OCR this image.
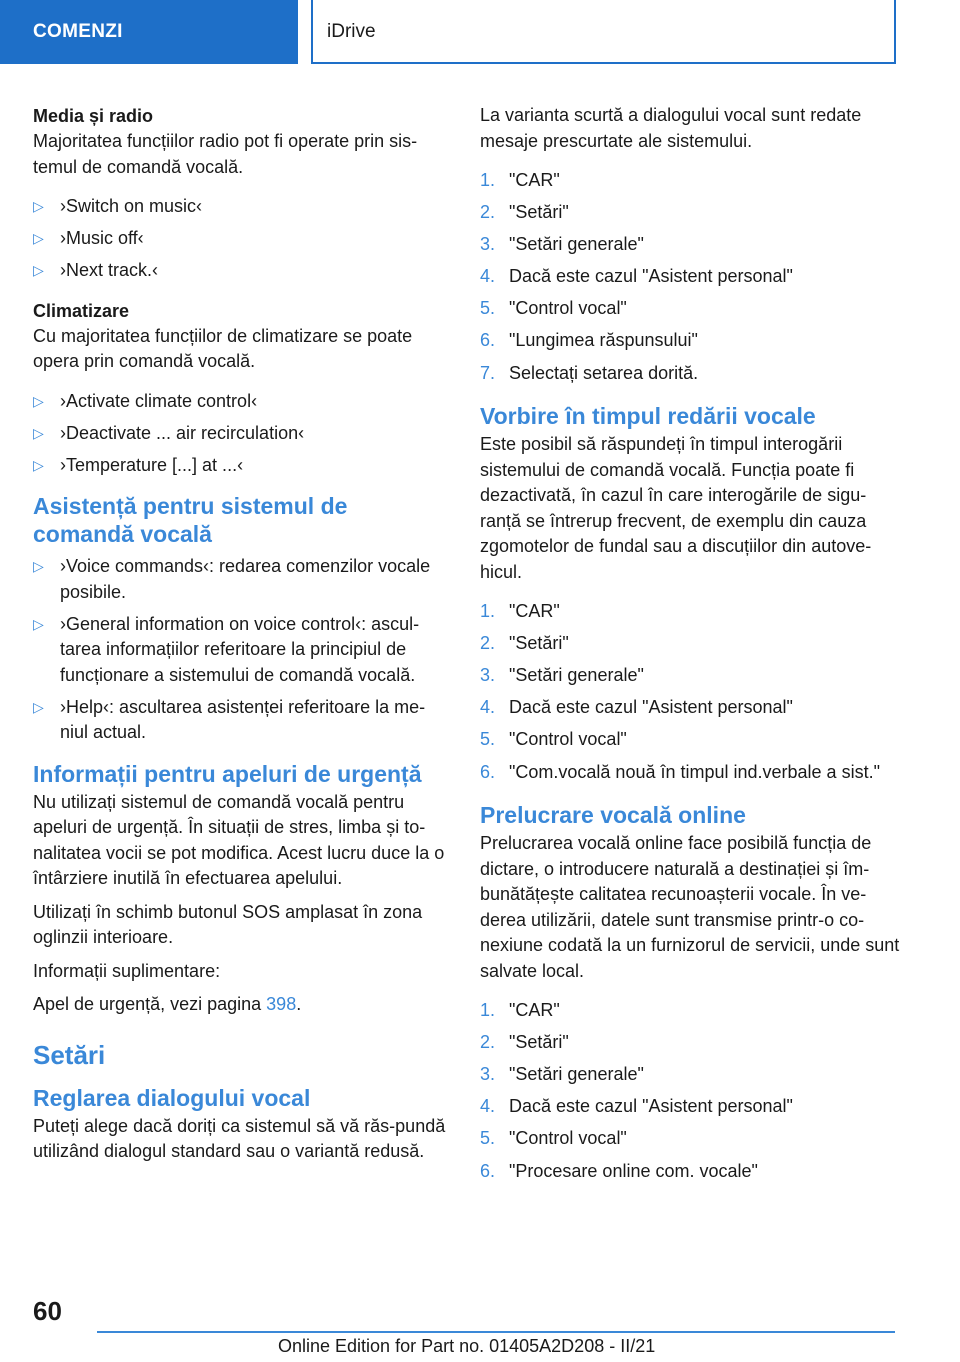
COMENZI	iDrive
Media și radio

Majoritatea funcțiilor radio pot fi operate prin sis-temul de comandă vocală.

▷ ›Switch on music‹
▷ ›Music off‹
▷ ›Next track.‹
Climatizare

Cu majoritatea funcțiilor de climatizare se poate opera prin comandă vocală.

▷ ›Activate climate control‹
▷ ›Deactivate ... air recirculation‹
▷ ›Temperature [...] at ...‹
Asistență pentru sistemul de comandă vocală
▷ ›Voice commands‹: redarea comenzilor vocale posibile.
▷ ›General information on voice control‹: ascul-tarea informațiilor referitoare la principiul de funcționare a sistemului de comandă vocală.
▷ ›Help‹: ascultarea asistenței referitoare la me-niul actual.
Informații pentru apeluri de urgență

Nu utilizați sistemul de comandă vocală pentru apeluri de urgență. În situații de stres, limba și to-nalitatea vocii se pot modifica. Acest lucru duce la o întârziere inutilă în efectuarea apelului.

Utilizați în schimb butonul SOS amplasat în zona oglinzii interioare.

Informații suplimentare:

Apel de urgență, vezi pagina 398.

Setări
Reglarea dialogului vocal

Puteți alege dacă doriți ca sistemul să vă răs-pundă utilizând dialogul standard sau o variantă redusă.

La varianta scurtă a dialogului vocal sunt redate mesaje prescurtate ale sistemului.

1. "CAR"
2. "Setări"
3. "Setări generale"
4. Dacă este cazul "Asistent personal"
5. "Control vocal"
6. "Lungimea răspunsului"
7. Selectați setarea dorită.
Vorbire în timpul redării vocale

Este posibil să răspundeți în timpul interogării sistemului de comandă vocală. Funcția poate fi dezactivată, în cazul în care interogările de sigu-ranță se întrerup frecvent, de exemplu din cauza zgomotelor de fundal sau a discuțiilor din autove-hicul.

1. "CAR"
2. "Setări"
3. "Setări generale"
4. Dacă este cazul "Asistent personal"
5. "Control vocal"
6. "Com.vocală nouă în timpul ind.verbale a sist."
Prelucrare vocală online

Prelucrarea vocală online face posibilă funcția de dictare, o introducere naturală a destinației și îm-bunătățește calitatea recunoașterii vocale. În ve-derea utilizării, datele sunt transmise printr-o co-nexiune codată la un furnizorul de servicii, unde sunt salvate local.

1. "CAR"
2. "Setări"
3. "Setări generale"
4. Dacă este cazul "Asistent personal"
5. "Control vocal"
6. "Procesare online com. vocale"
60
Online Edition for Part no. 01405A2D208 - II/21
